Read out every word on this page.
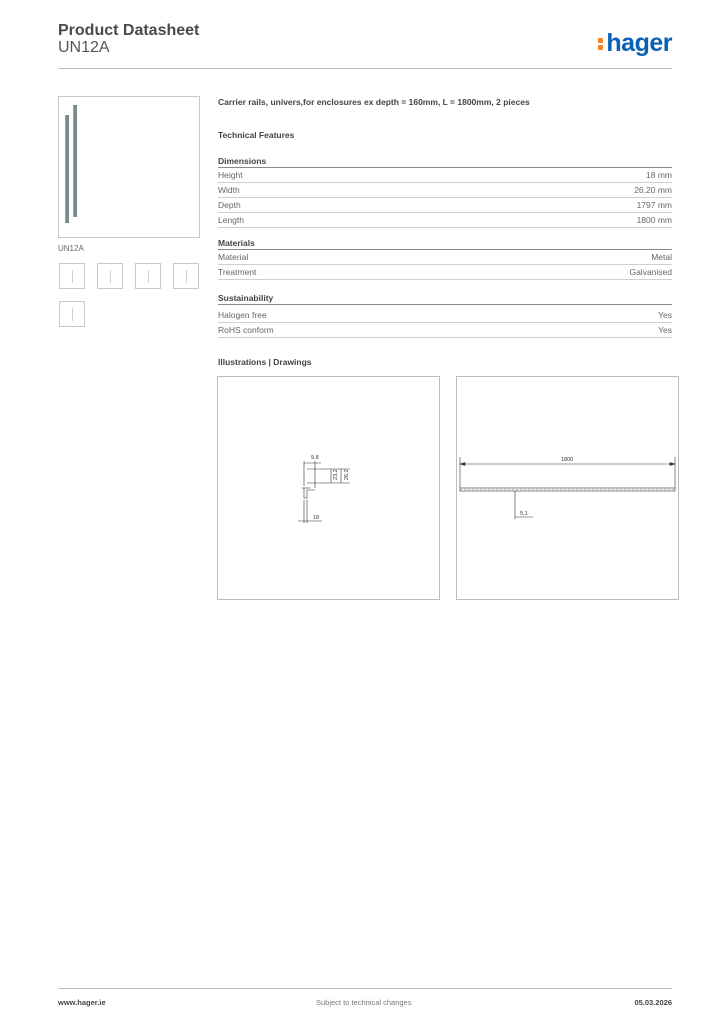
Product Datasheet
UN12A	hager
UN12A
Carrier rails, univers,for enclosures ex depth = 160mm, L = 1800mm, 2 pieces
Technical Features
Dimensions
Height	18 mm
Width	26.20 mm
Depth	1797 mm
Length	1800 mm
Materials
Material	Metal
Treatment	Galvanised
Sustainability
Halogen free	Yes
RoHS conform	Yes
Illustrations | Drawings
9,8
23,2 26,2
18
1800
5,1
www.hager.ie	Subject to technical changes	05.03.2026
